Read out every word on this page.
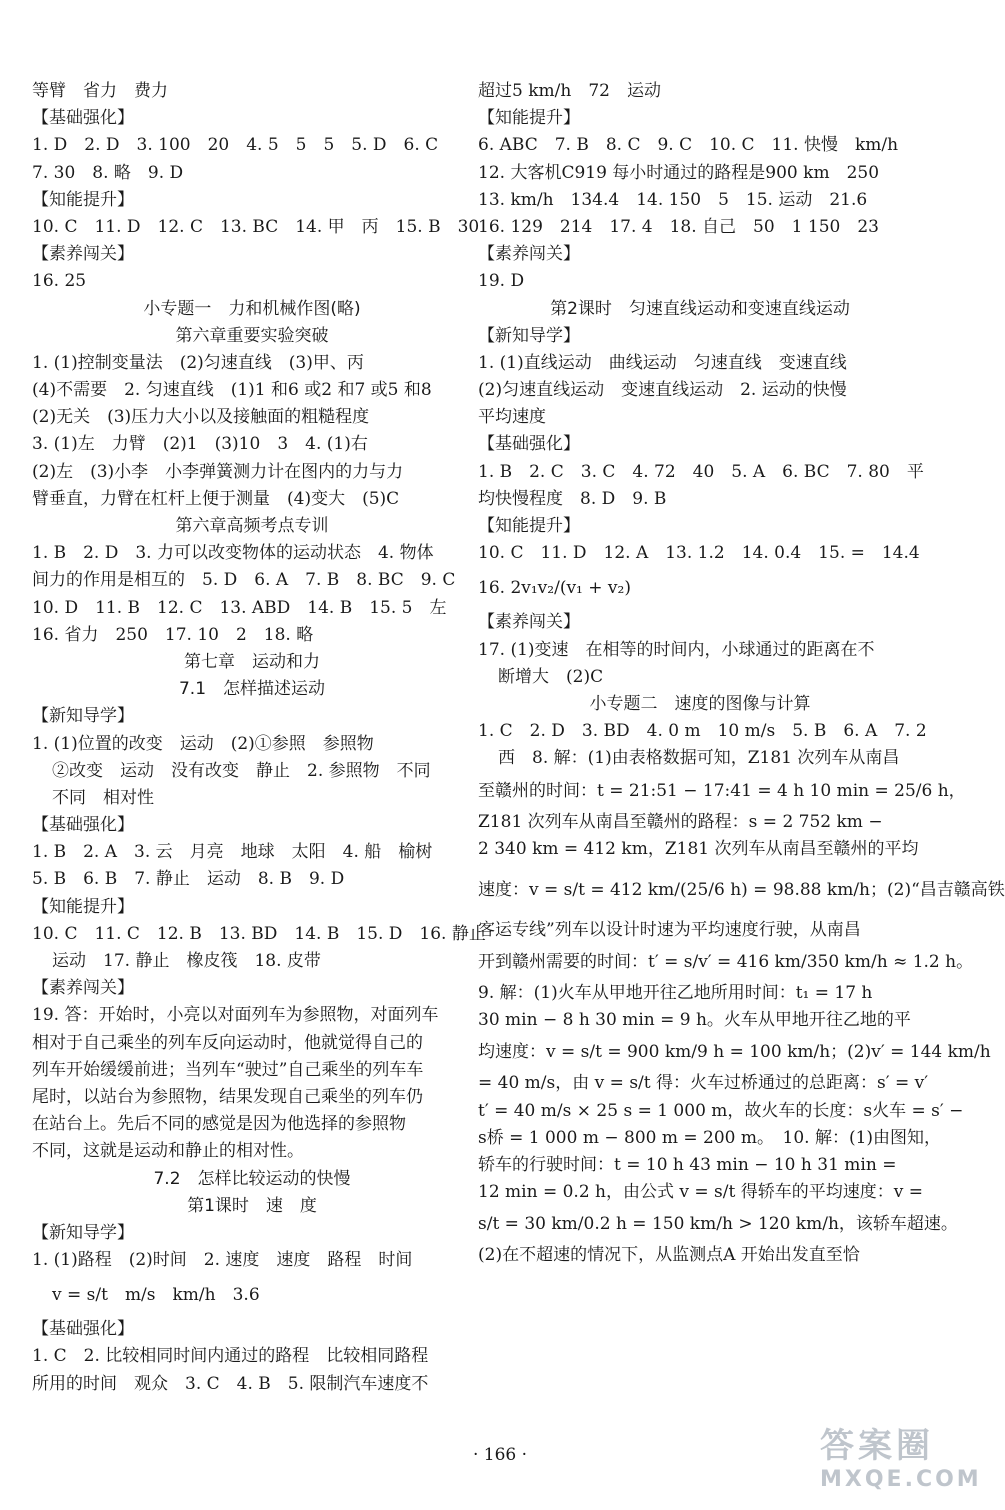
等臂　省力　费力
【基础强化】
1. D　2. D　3. 100　20　4. 5　5　5　5. D　6. C
7. 30　8. 略　9. D
【知能提升】
10. C　11. D　12. C　13. BC　14. 甲　丙　15. B　30
【素养闯关】
16. 25
小专题一　力和机械作图(略)
第六章重要实验突破
1. (1)控制变量法　(2)匀速直线　(3)甲、丙
(4)不需要　2. 匀速直线　(1)1 和6 或2 和7 或5 和8
(2)无关　(3)压力大小以及接触面的粗糙程度
3. (1)左　力臂　(2)1　(3)10　3　4. (1)右
(2)左　(3)小李　小李弹簧测力计在图内的力与力
臂垂直，力臂在杠杆上便于测量　(4)变大　(5)C
第六章高频考点专训
1. B　2. D　3. 力可以改变物体的运动状态　4. 物体
间力的作用是相互的　5. D　6. A　7. B　8. BC　9. C
10. D　11. B　12. C　13. ABD　14. B　15. 5　左
16. 省力　250　17. 10　2　18. 略
第七章　运动和力
7.1　怎样描述运动
【新知导学】
1. (1)位置的改变　运动　(2)①参照　参照物
②改变　运动　没有改变　静止　2. 参照物　不同
不同　相对性
【基础强化】
1. B　2. A　3. 云　月亮　地球　太阳　4. 船　榆树
5. B　6. B　7. 静止　运动　8. B　9. D
【知能提升】
10. C　11. C　12. B　13. BD　14. B　15. D　16. 静止
运动　17. 静止　橡皮筏　18. 皮带
【素养闯关】
19. 答：开始时，小亮以对面列车为参照物，对面列车
相对于自己乘坐的列车反向运动时，他就觉得自己的
列车开始缓缓前进；当列车“驶过”自己乘坐的列车车
尾时，以站台为参照物，结果发现自己乘坐的列车仍
在站台上。先后不同的感觉是因为他选择的参照物
不同，这就是运动和静止的相对性。
7.2　怎样比较运动的快慢
第1课时　速　度
【新知导学】
1. (1)路程　(2)时间　2. 速度　速度　路程　时间
v = s/t　m/s　km/h　3.6
【基础强化】
1. C　2. 比较相同时间内通过的路程　比较相同路程
所用的时间　观众　3. C　4. B　5. 限制汽车速度不
超过5 km/h　72　运动
【知能提升】
6. ABC　7. B　8. C　9. C　10. C　11. 快慢　km/h
12. 大客机C919 每小时通过的路程是900 km　250
13. km/h　134.4　14. 150　5　15. 运动　21.6
16. 129　214　17. 4　18. 自己　50　1 150　23
【素养闯关】
19. D
第2课时　匀速直线运动和变速直线运动
【新知导学】
1. (1)直线运动　曲线运动　匀速直线　变速直线
(2)匀速直线运动　变速直线运动　2. 运动的快慢
平均速度
【基础强化】
1. B　2. C　3. C　4. 72　40　5. A　6. BC　7. 80　平
均快慢程度　8. D　9. B
【知能提升】
10. C　11. D　12. A　13. 1.2　14. 0.4　15. =　14.4
16. 2v₁v₂/(v₁ + v₂)
【素养闯关】
17. (1)变速　在相等的时间内，小球通过的距离在不
断增大　(2)C
小专题二　速度的图像与计算
1. C　2. D　3. BD　4. 0 m　10 m/s　5. B　6. A　7. 2
西　8. 解：(1)由表格数据可知，Z181 次列车从南昌
至赣州的时间：t = 21:51 − 17:41 = 4 h 10 min = 25/6 h，
Z181 次列车从南昌至赣州的路程：s = 2 752 km −
2 340 km = 412 km，Z181 次列车从南昌至赣州的平均
速度：v = s/t = 412 km/(25/6 h) = 98.88 km/h；(2)“昌吉赣高铁
客运专线”列车以设计时速为平均速度行驶，从南昌
开到赣州需要的时间：t′ = s/v′ = 416 km/350 km/h ≈ 1.2 h。
9. 解：(1)火车从甲地开往乙地所用时间：t₁ = 17 h
30 min − 8 h 30 min = 9 h。火车从甲地开往乙地的平
均速度：v = s/t = 900 km/9 h = 100 km/h；(2)v′ = 144 km/h
= 40 m/s，由 v = s/t 得：火车过桥通过的总距离：s′ = v′
t′ = 40 m/s × 25 s = 1 000 m，故火车的长度：s火车 = s′ −
s桥 = 1 000 m − 800 m = 200 m。　10. 解：(1)由图知，
轿车的行驶时间：t = 10 h 43 min − 10 h 31 min =
12 min = 0.2 h，由公式 v = s/t 得轿车的平均速度：v =
s/t = 30 km/0.2 h = 150 km/h > 120 km/h，该轿车超速。
(2)在不超速的情况下，从监测点A 开始出发直至恰
· 166 ·	答案圈
MXQE.COM
